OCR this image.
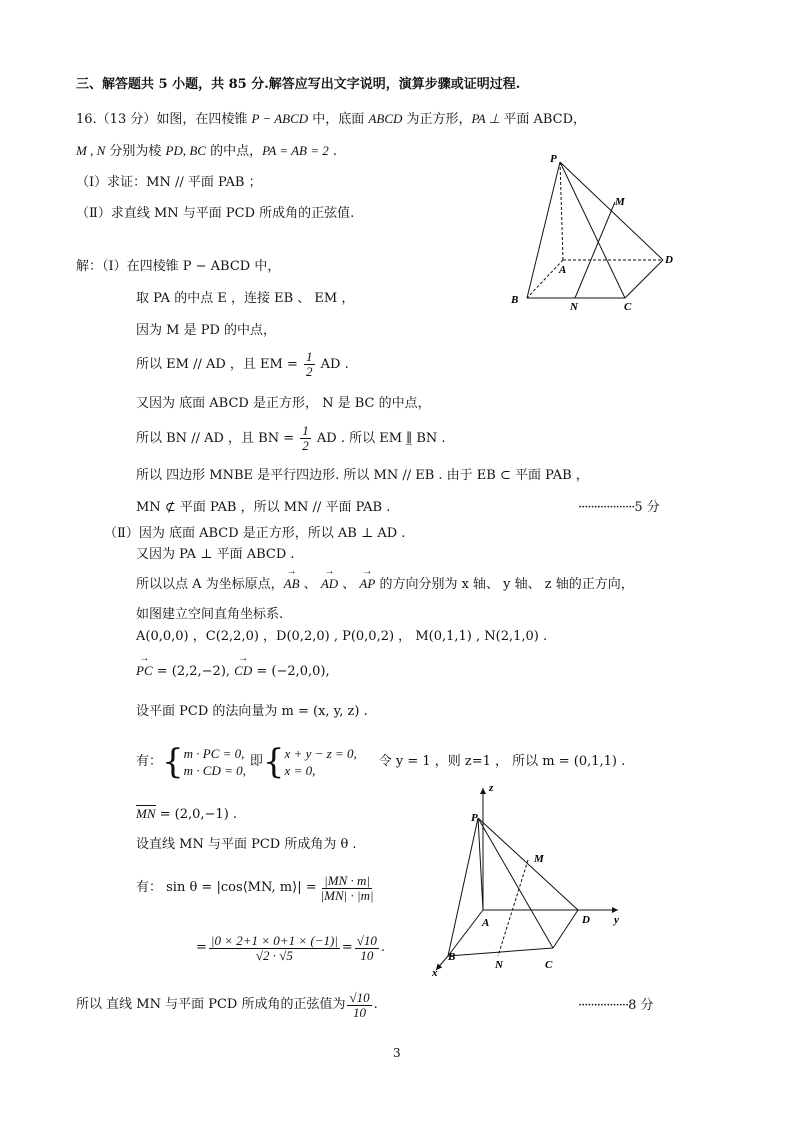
三、解答题共 5 小题，共 85 分.解答应写出文字说明，演算步骤或证明过程.
16.（13 分）如图，在四棱锥 P − ABCD 中，底面 ABCD 为正方形，PA ⊥ 平面 ABCD，
M , N 分别为棱 PD, BC 的中点，PA = AB = 2 .
（Ⅰ）求证：MN // 平面 PAB ；
（Ⅱ）求直线 MN 与平面 PCD 所成角的正弦值.
P
M
D
A
B
N	C
解：（Ⅰ）在四棱锥 P − ABCD 中，
取 PA 的中点 E ，连接 EB 、 EM ，
因为 M 是 PD 的中点，
所以 EM // AD ，且 EM = $\frac{1}{2}$ AD .
又因为 底面 ABCD 是正方形， N 是 BC 的中点，
所以 BN // AD ，且 BN = $\frac{1}{2}$ AD . 所以 EM ∥̲ BN .
所以 四边形 MNBE 是平行四边形. 所以 MN // EB . 由于 EB ⊂ 平面 PAB ，
MN ⊄ 平面 PAB ，所以 MN // 平面 PAB .	··················5 分
（Ⅱ）因为 底面 ABCD 是正方形，所以 AB ⊥ AD .
又因为 PA ⊥ 平面 ABCD .
所以以点 A 为坐标原点，→ AB 、 → AD 、 → AP 的方向分别为 x 轴、 y 轴、 z 轴的正方向，
如图建立空间直角坐标系.
A(0,0,0) ，C(2,2,0) ，D(0,2,0) , P(0,0,2) ， M(0,1,1) , N(2,1,0) .
→ PC = (2,2,−2), → CD = (−2,0,0),
设平面 PCD 的法向量为 m = (x, y, z) .
有： { m · PC = 0,
m · CD = 0,
即 { x + y − z = 0,
x = 0,
令 y = 1 ，则 z=1 ， 所以 m = (0,1,1) .
MN = (2,0,−1) .
设直线 MN 与平面 PCD 所成角为 θ .
有： sin θ = |cos⟨MN, m⟩| = $\frac{|MN \cdot m|}{|MN| \cdot |m|}$
= $\frac{|0 \times 2+1 \times 0+1 \times (-1)|}{√2 \cdot √5} = \frac{√10}{10}$ .
所以 直线 MN 与平面 PCD 所成角的正弦值为 $\frac{√10}{10}$ .	················8 分
z
P
M
D y
A
B
N	C
x
3
